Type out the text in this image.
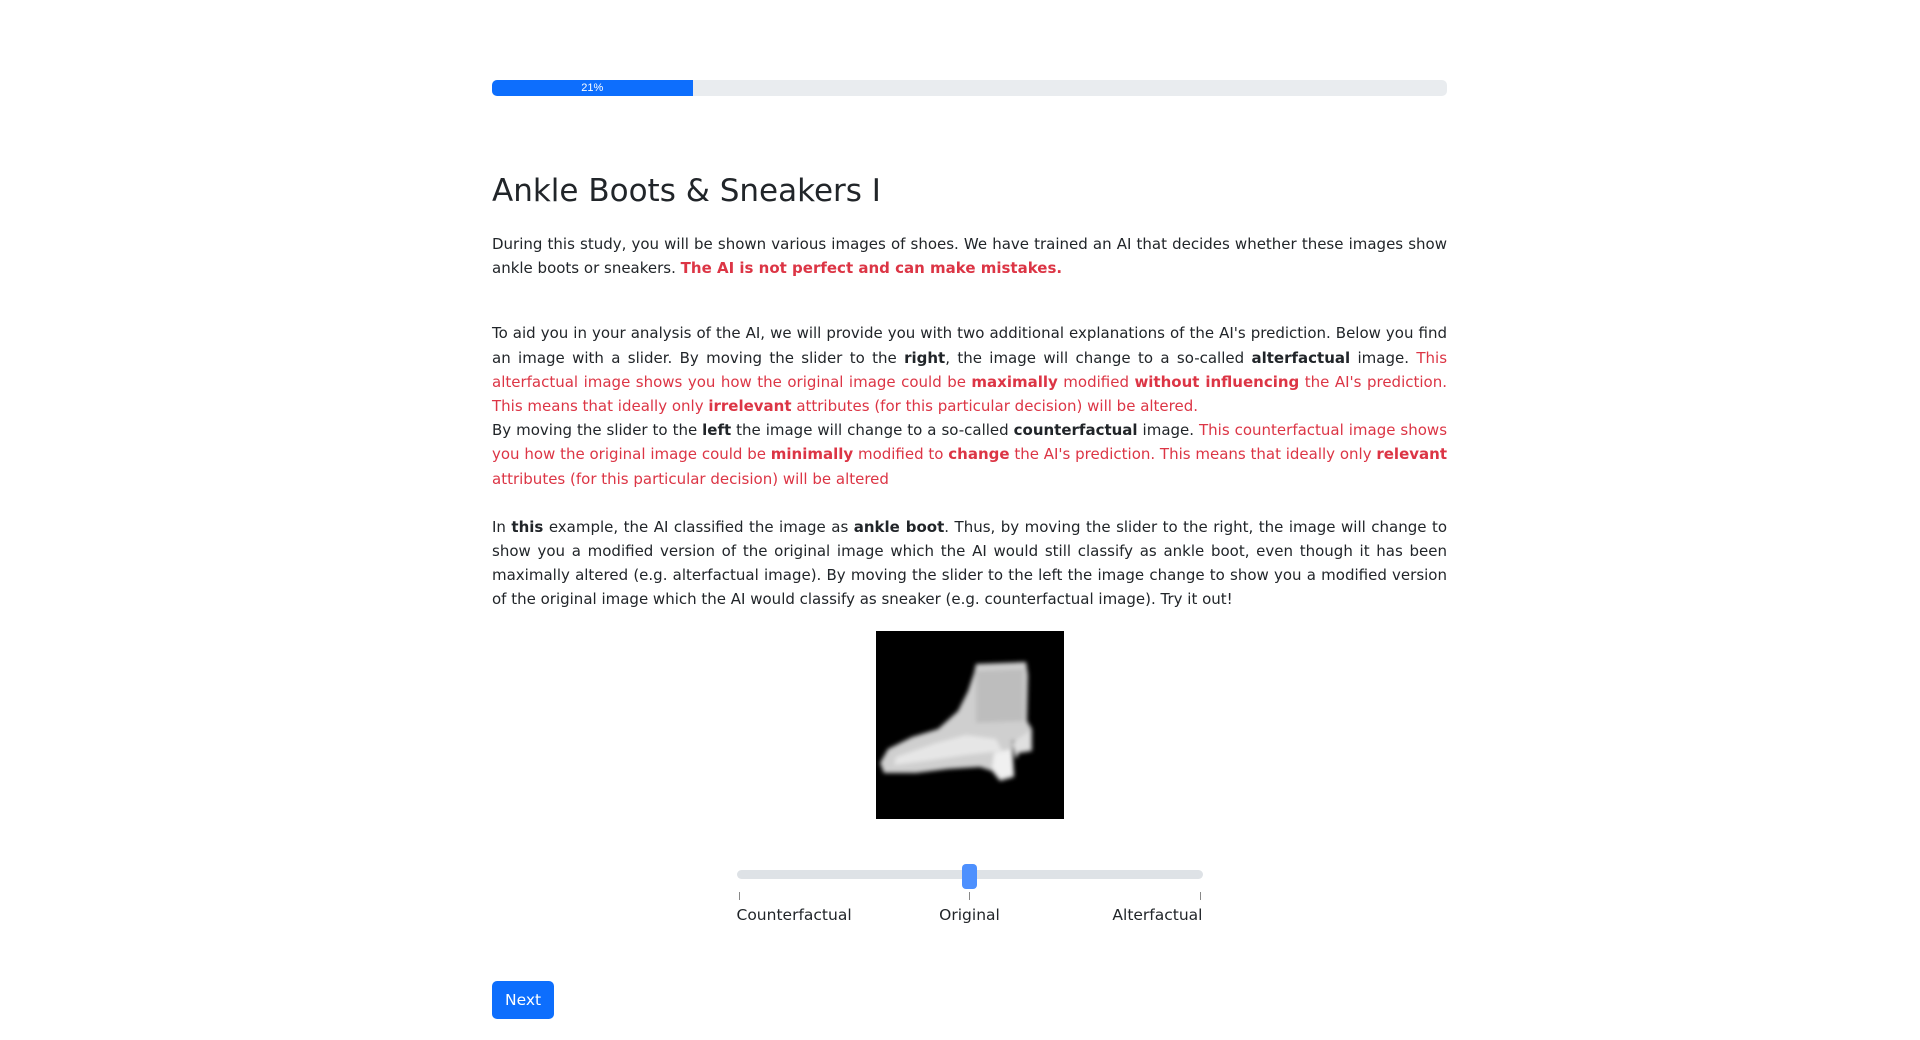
21%
Ankle Boots & Sneakers I

During this study, you will be shown various images of shoes. We have trained an AI that decides whether these images show ankle boots or sneakers. The AI is not perfect and can make mistakes.

To aid you in your analysis of the AI, we will provide you with two additional explanations of the AI's prediction. Below you find an image with a slider. By moving the slider to the right, the image will change to a so-called alterfactual image. This alterfactual image shows you how the original image could be maximally modified without influencing the AI's prediction. This means that ideally only irrelevant attributes (for this particular decision) will be altered.

By moving the slider to the left the image will change to a so-called counterfactual image. This counterfactual image shows you how the original image could be minimally modified to change the AI's prediction. This means that ideally only relevant attributes (for this particular decision) will be altered

In this example, the AI classified the image as ankle boot. Thus, by moving the slider to the right, the image will change to show you a modified version of the original image which the AI would still classify as ankle boot, even though it has been maximally altered (e.g. alterfactual image). By moving the slider to the left the image change to show you a modified version of the original image which the AI would classify as sneaker (e.g. counterfactual image). Try it out!

Counterfactual	Original	Alterfactual
Next
